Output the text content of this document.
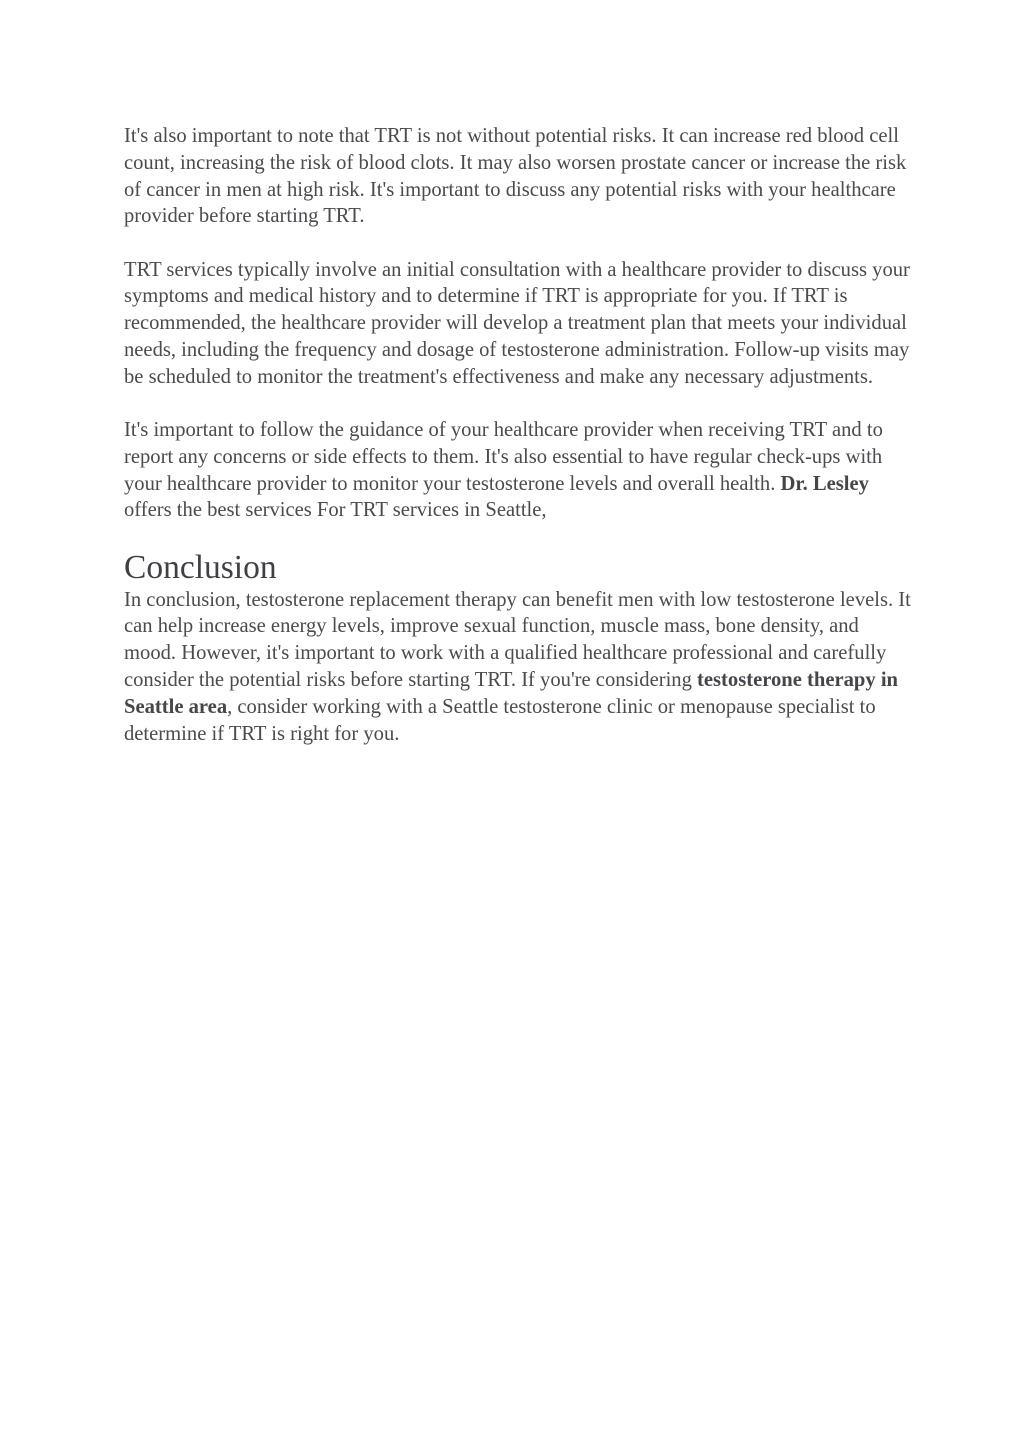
It's also important to note that TRT is not without potential risks. It can increase red blood cell count, increasing the risk of blood clots. It may also worsen prostate cancer or increase the risk of cancer in men at high risk. It's important to discuss any potential risks with your healthcare provider before starting TRT.

TRT services typically involve an initial consultation with a healthcare provider to discuss your symptoms and medical history and to determine if TRT is appropriate for you. If TRT is recommended, the healthcare provider will develop a treatment plan that meets your individual needs, including the frequency and dosage of testosterone administration. Follow-up visits may be scheduled to monitor the treatment's effectiveness and make any necessary adjustments.

It's important to follow the guidance of your healthcare provider when receiving TRT and to report any concerns or side effects to them. It's also essential to have regular check-ups with your healthcare provider to monitor your testosterone levels and overall health. Dr. Lesley offers the best services For TRT services in Seattle,

Conclusion

In conclusion, testosterone replacement therapy can benefit men with low testosterone levels. It can help increase energy levels, improve sexual function, muscle mass, bone density, and mood. However, it's important to work with a qualified healthcare professional and carefully consider the potential risks before starting TRT. If you're considering testosterone therapy in Seattle area, consider working with a Seattle testosterone clinic or menopause specialist to determine if TRT is right for you.
